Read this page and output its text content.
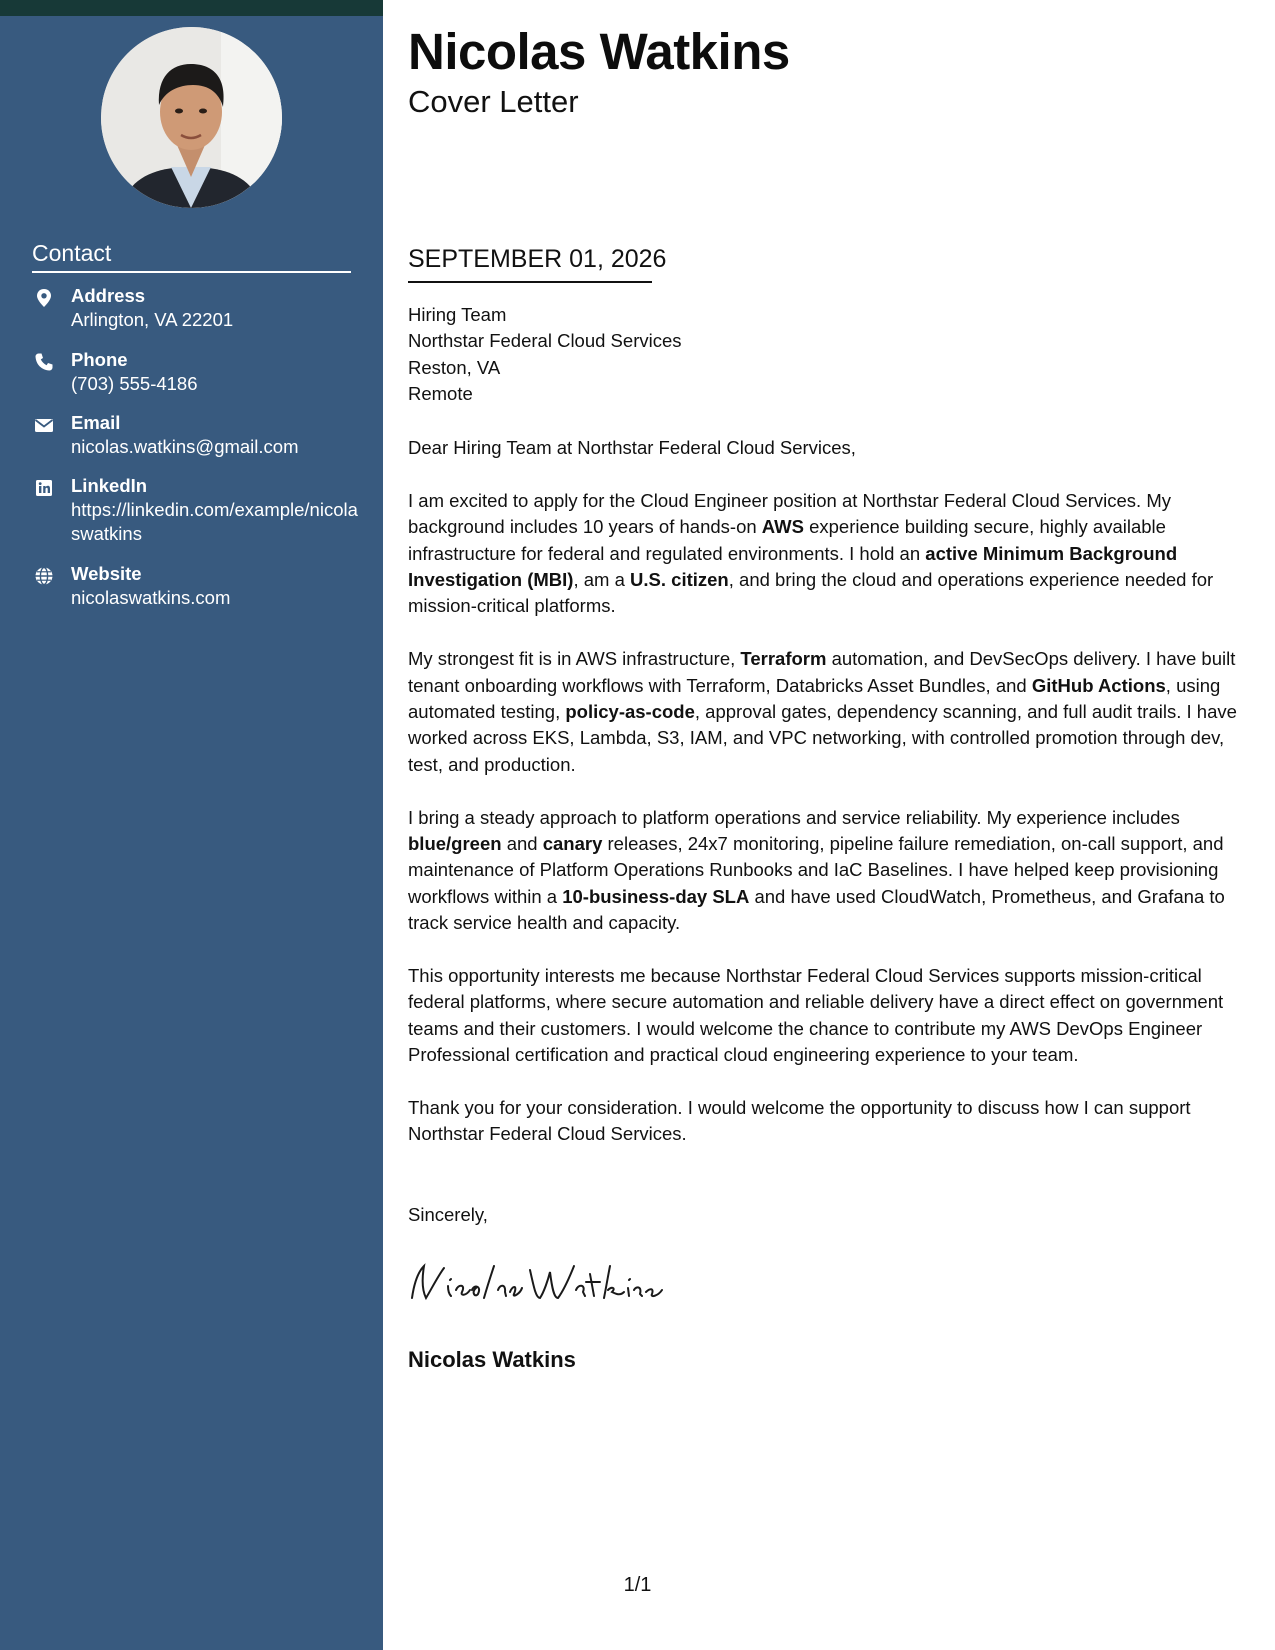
Contact
Address
Arlington, VA 22201
Phone
(703) 555-4186
Email
nicolas.watkins@gmail.com
LinkedIn
https://linkedin.com/example/nicolaswatkins
Website
nicolaswatkins.com
Nicolas Watkins
Cover Letter
SEPTEMBER 01, 2026
Hiring Team
Northstar Federal Cloud Services
Reston, VA
Remote

Dear Hiring Team at Northstar Federal Cloud Services,

I am excited to apply for the Cloud Engineer position at Northstar Federal Cloud Services. My background includes 10 years of hands-on AWS experience building secure, highly available infrastructure for federal and regulated environments. I hold an active Minimum Background Investigation (MBI), am a U.S. citizen, and bring the cloud and operations experience needed for mission-critical platforms.

My strongest fit is in AWS infrastructure, Terraform automation, and DevSecOps delivery. I have built tenant onboarding workflows with Terraform, Databricks Asset Bundles, and GitHub Actions, using automated testing, policy-as-code, approval gates, dependency scanning, and full audit trails. I have worked across EKS, Lambda, S3, IAM, and VPC networking, with controlled promotion through dev, test, and production.

I bring a steady approach to platform operations and service reliability. My experience includes blue/green and canary releases, 24x7 monitoring, pipeline failure remediation, on-call support, and maintenance of Platform Operations Runbooks and IaC Baselines. I have helped keep provisioning workflows within a 10-business-day SLA and have used CloudWatch, Prometheus, and Grafana to track service health and capacity.

This opportunity interests me because Northstar Federal Cloud Services supports mission-critical federal platforms, where secure automation and reliable delivery have a direct effect on government teams and their customers. I would welcome the chance to contribute my AWS DevOps Engineer Professional certification and practical cloud engineering experience to your team.

Thank you for your consideration. I would welcome the opportunity to discuss how I can support Northstar Federal Cloud Services.

Sincerely,
Nicolas Watkins
1/1
